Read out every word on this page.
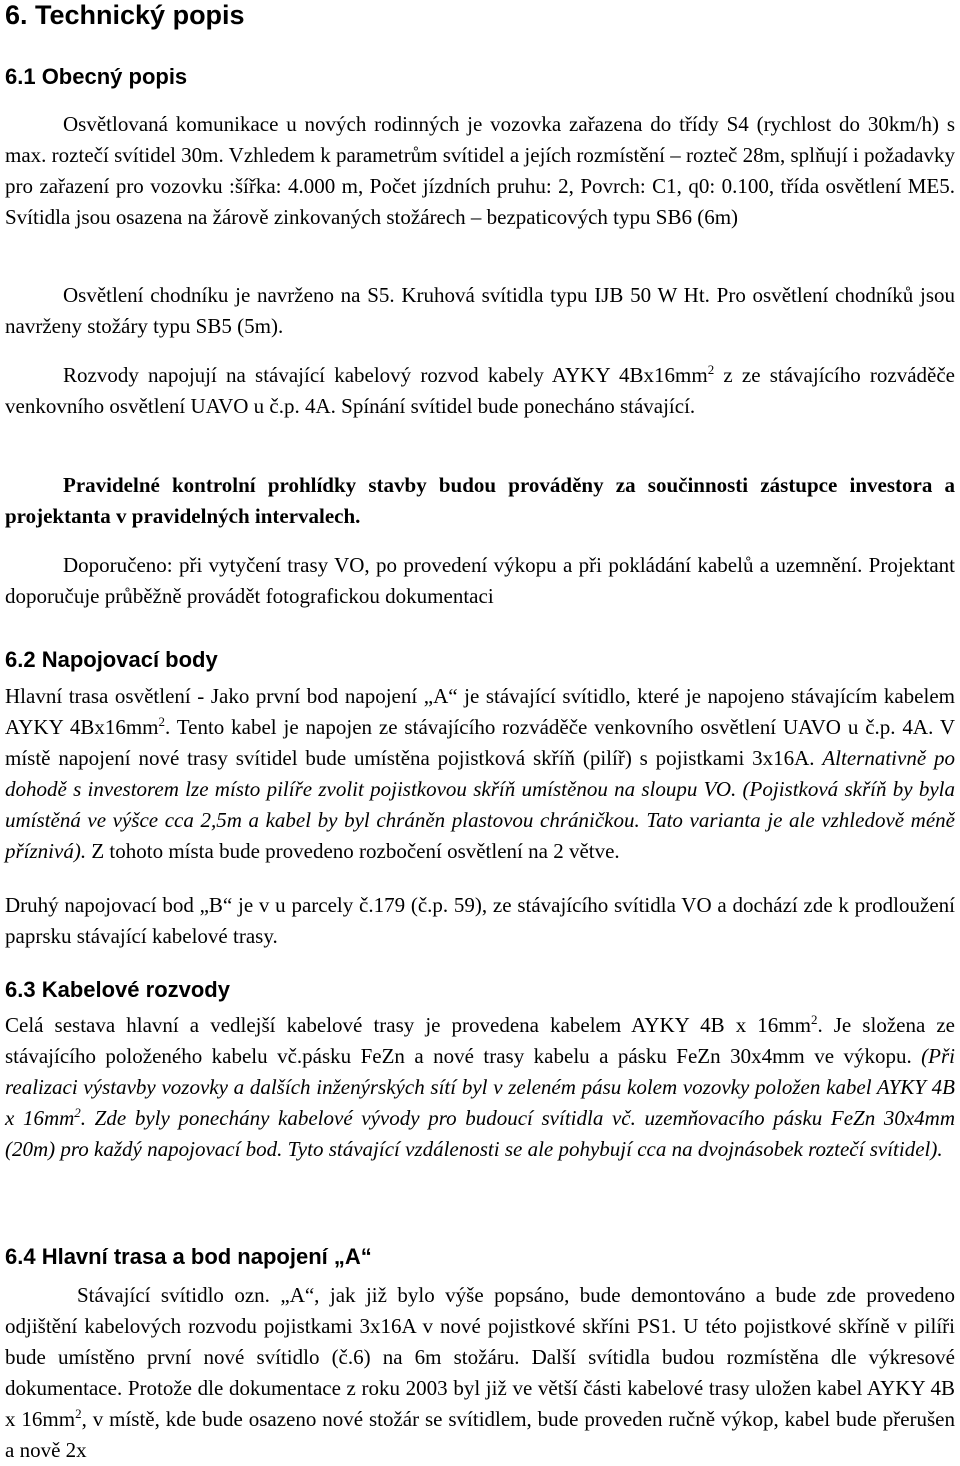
6. Technický popis
6.1 Obecný popis

Osvětlovaná komunikace u nových rodinných je vozovka zařazena do třídy S4 (rychlost do 30km/h) s max. roztečí svítidel 30m. Vzhledem k parametrům svítidel a jejích rozmístění – rozteč 28m, splňují i požadavky pro zařazení pro vozovku :šířka: 4.000 m, Počet jízdních pruhu: 2, Povrch: C1, q0: 0.100, třída osvětlení ME5. Svítidla jsou osazena na žárově zinkovaných stožárech – bezpaticových typu SB6 (6m)

Osvětlení chodníku je navrženo na S5. Kruhová svítidla typu IJB 50 W Ht. Pro osvětlení chodníků jsou navrženy stožáry typu SB5 (5m).

Rozvody napojují na stávající kabelový rozvod kabely AYKY $4Bx16mm^2$ z ze stávajícího rozváděče venkovního osvětlení UAVO u č.p. 4A. Spínání svítidel bude ponecháno stávající.

Pravidelné kontrolní prohlídky stavby budou prováděny za součinnosti zástupce investora a projektanta v pravidelných intervalech.

Doporučeno: při vytyčení trasy VO, po provedení výkopu a při pokládání kabelů a uzemnění. Projektant doporučuje průběžně provádět fotografickou dokumentaci

6.2 Napojovací body

Hlavní trasa osvětlení - Jako první bod napojení „A“ je stávající svítidlo, které je napojeno stávajícím kabelem AYKY $4Bx16mm^2$. Tento kabel je napojen ze stávajícího rozváděče venkovního osvětlení UAVO u č.p. 4A. V místě napojení nové trasy svítidel bude umístěna pojistková skříň (pilíř) s pojistkami 3x16A. Alternativně po dohodě s investorem lze místo pilíře zvolit pojistkovou skříň umístěnou na sloupu VO. (Pojistková skříň by byla umístěná ve výšce cca 2,5m a kabel by byl chráněn plastovou chráničkou. Tato varianta je ale vzhledově méně příznivá). Z tohoto místa bude provedeno rozbočení osvětlení na 2 větve.

Druhý napojovací bod „B“ je v u parcely č.179 (č.p. 59), ze stávajícího svítidla VO a dochází zde k prodloužení paprsku stávající kabelové trasy.

6.3 Kabelové rozvody

Celá sestava hlavní a vedlejší kabelové trasy je provedena kabelem AYKY 4B x $16mm^2$. Je složena ze stávajícího položeného kabelu vč.pásku FeZn a nové trasy kabelu a pásku FeZn 30x4mm ve výkopu. (Při realizaci výstavby vozovky a dalších inženýrských sítí byl v zeleném pásu kolem vozovky položen kabel AYKY 4B x $16mm^2$. Zde byly ponechány kabelové vývody pro budoucí svítidla vč. uzemňovacího pásku FeZn 30x4mm (20m) pro každý napojovací bod. Tyto stávající vzdálenosti se ale pohybují cca na dvojnásobek roztečí svítidel).

6.4 Hlavní trasa a bod napojení „A“

Stávající svítidlo ozn. „A“, jak již bylo výše popsáno, bude demontováno a bude zde provedeno odjištění kabelových rozvodu pojistkami 3x16A v nové pojistkové skříni PS1. U této pojistkové skříně v pilíři bude umístěno první nové svítidlo (č.6) na 6m stožáru. Další svítidla budou rozmístěna dle výkresové dokumentace. Protože dle dokumentace z roku 2003 byl již ve větší části kabelové trasy uložen kabel AYKY 4B x $16mm^2$, v místě, kde bude osazeno nové stožár se svítidlem, bude proveden ručně výkop, kabel bude přerušen a nově 2x
